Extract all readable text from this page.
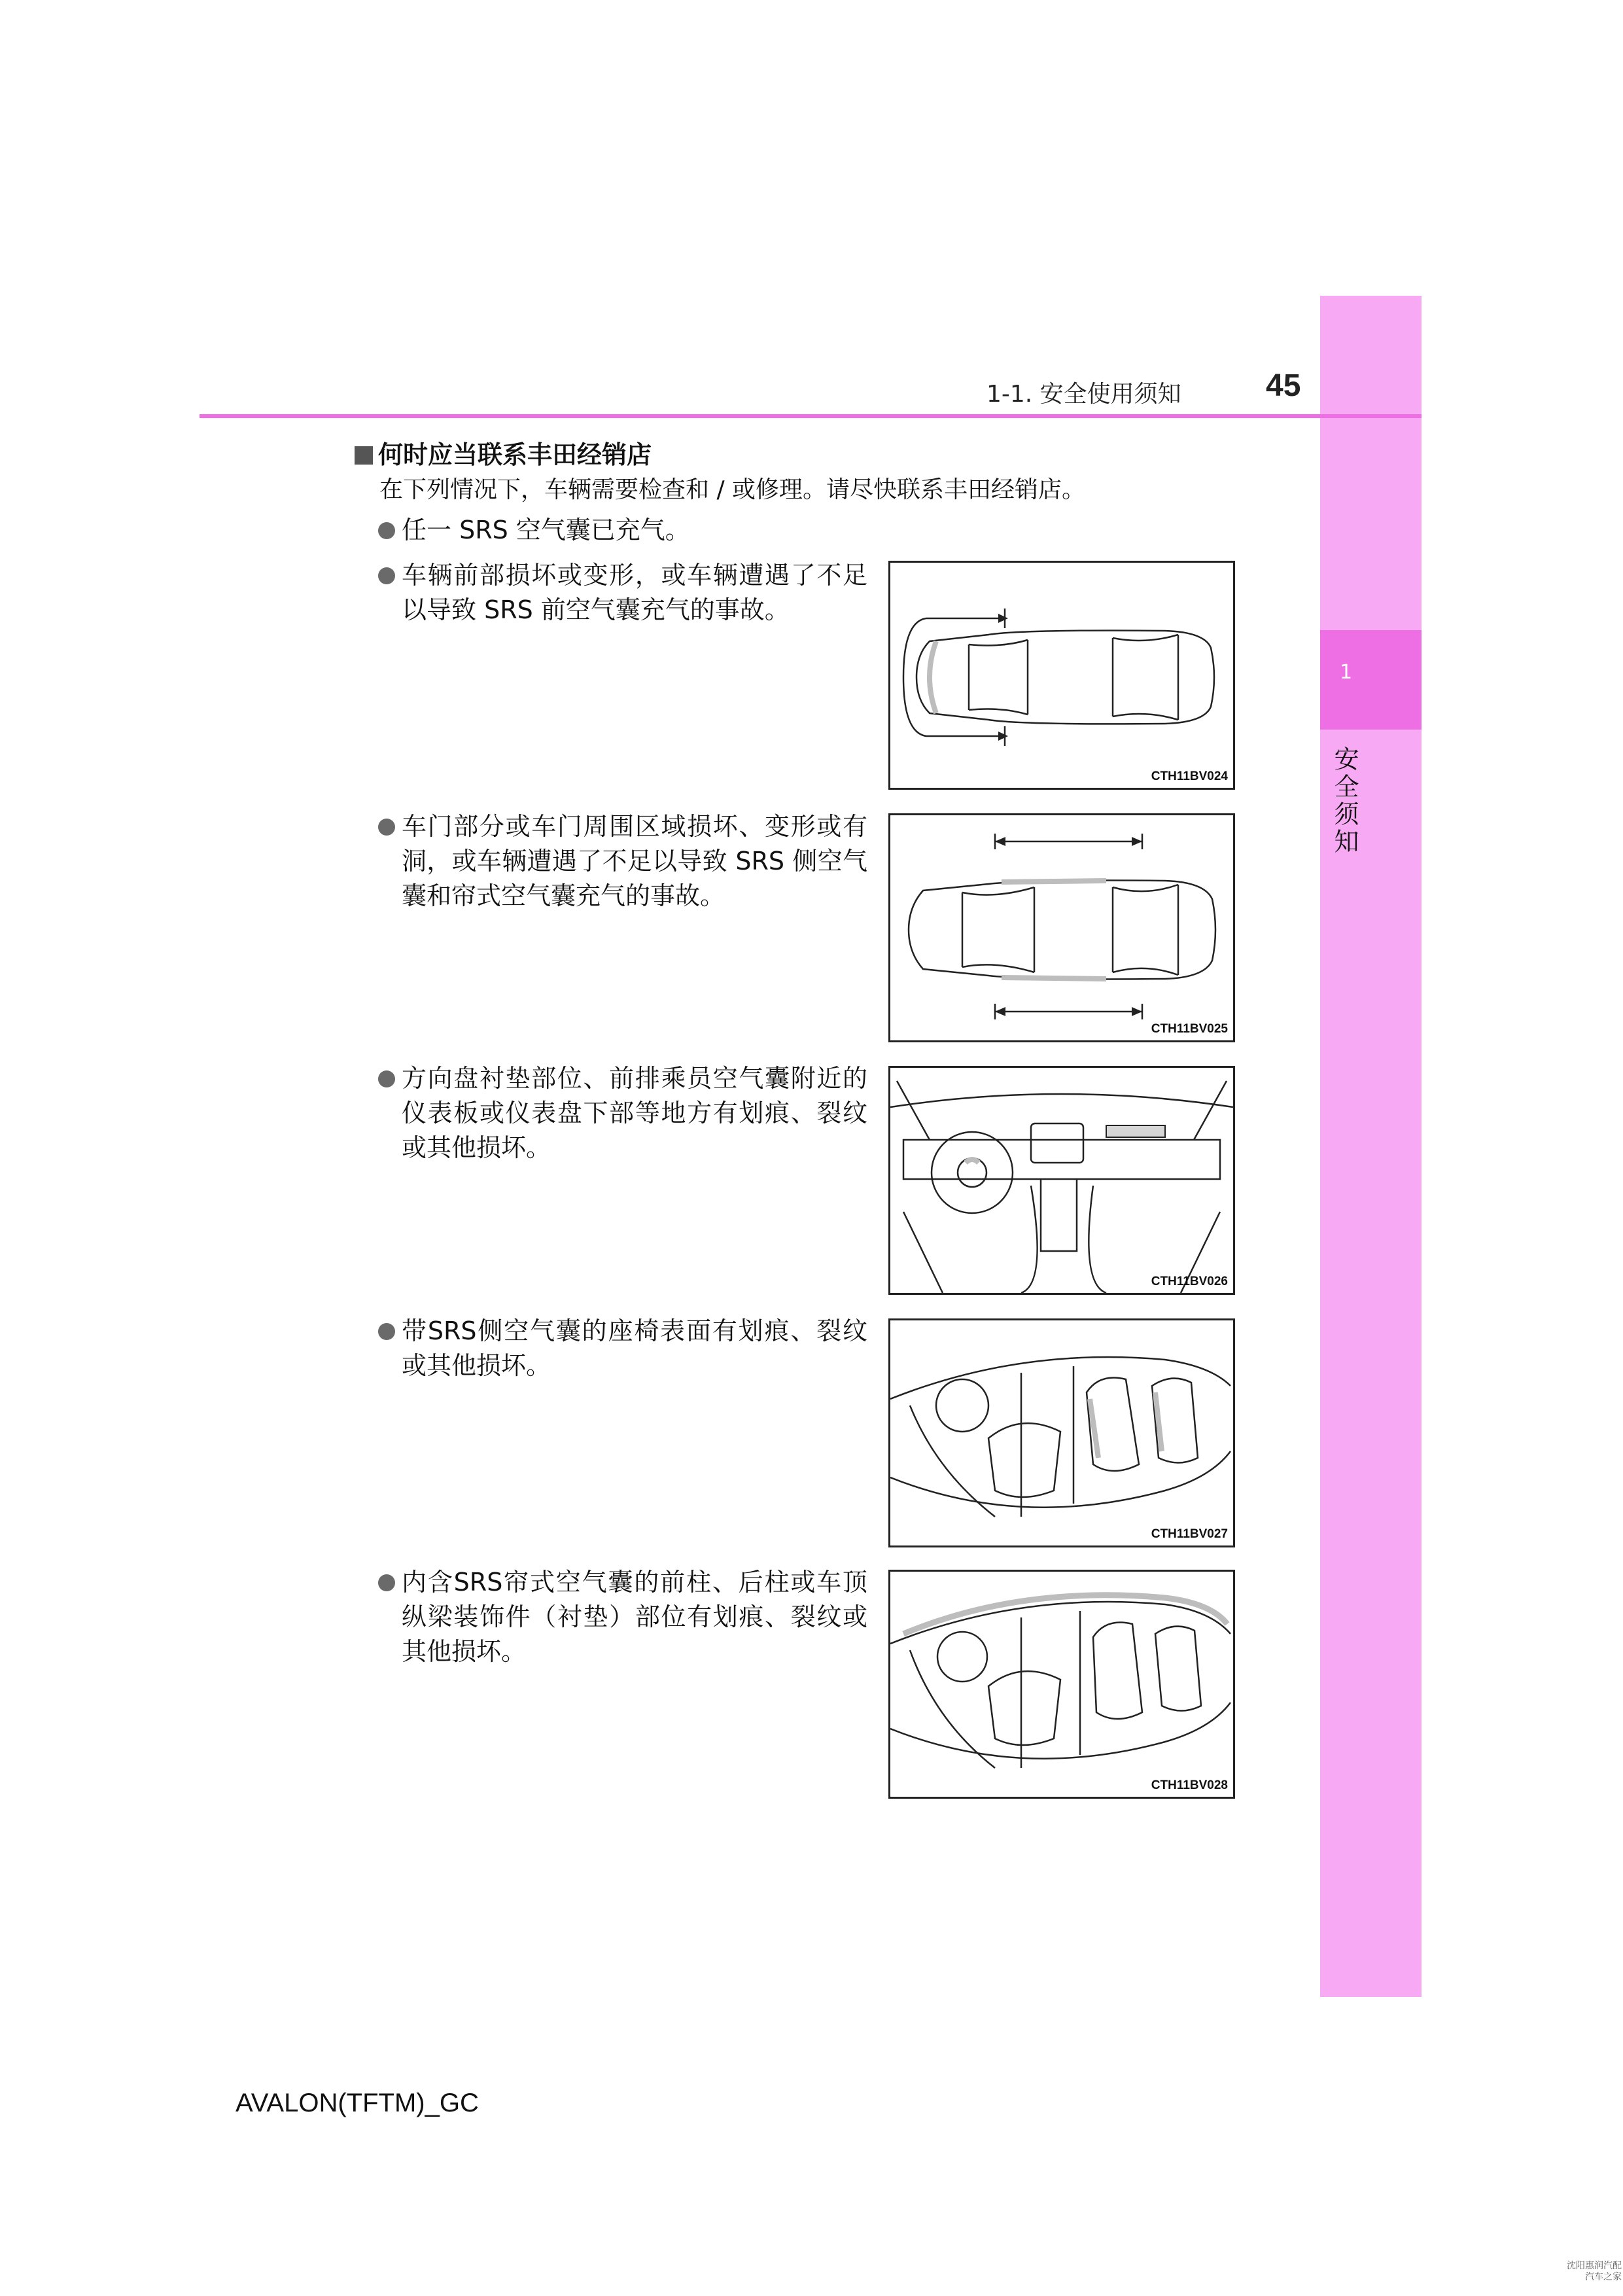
1
安全须知
1-1. 安全使用须知	45
何时应当联系丰田经销店
在下列情况下，车辆需要检查和 / 或修理。请尽快联系丰田经销店。
任一 SRS 空气囊已充气。
车辆前部损坏或变形，或车辆遭遇了不足以导致 SRS 前空气囊充气的事故。
CTH11BV024
车门部分或车门周围区域损坏、变形或有洞，或车辆遭遇了不足以导致 SRS 侧空气囊和帘式空气囊充气的事故。
CTH11BV025
方向盘衬垫部位、前排乘员空气囊附近的仪表板或仪表盘下部等地方有划痕、裂纹或其他损坏。
CTH11BV026
带SRS侧空气囊的座椅表面有划痕、裂纹或其他损坏。
CTH11BV027
内含SRS帘式空气囊的前柱、后柱或车顶纵梁装饰件（衬垫）部位有划痕、裂纹或其他损坏。
CTH11BV028
AVALON(TFTM)_GC
沈阳惠润汽配
汽车之家
